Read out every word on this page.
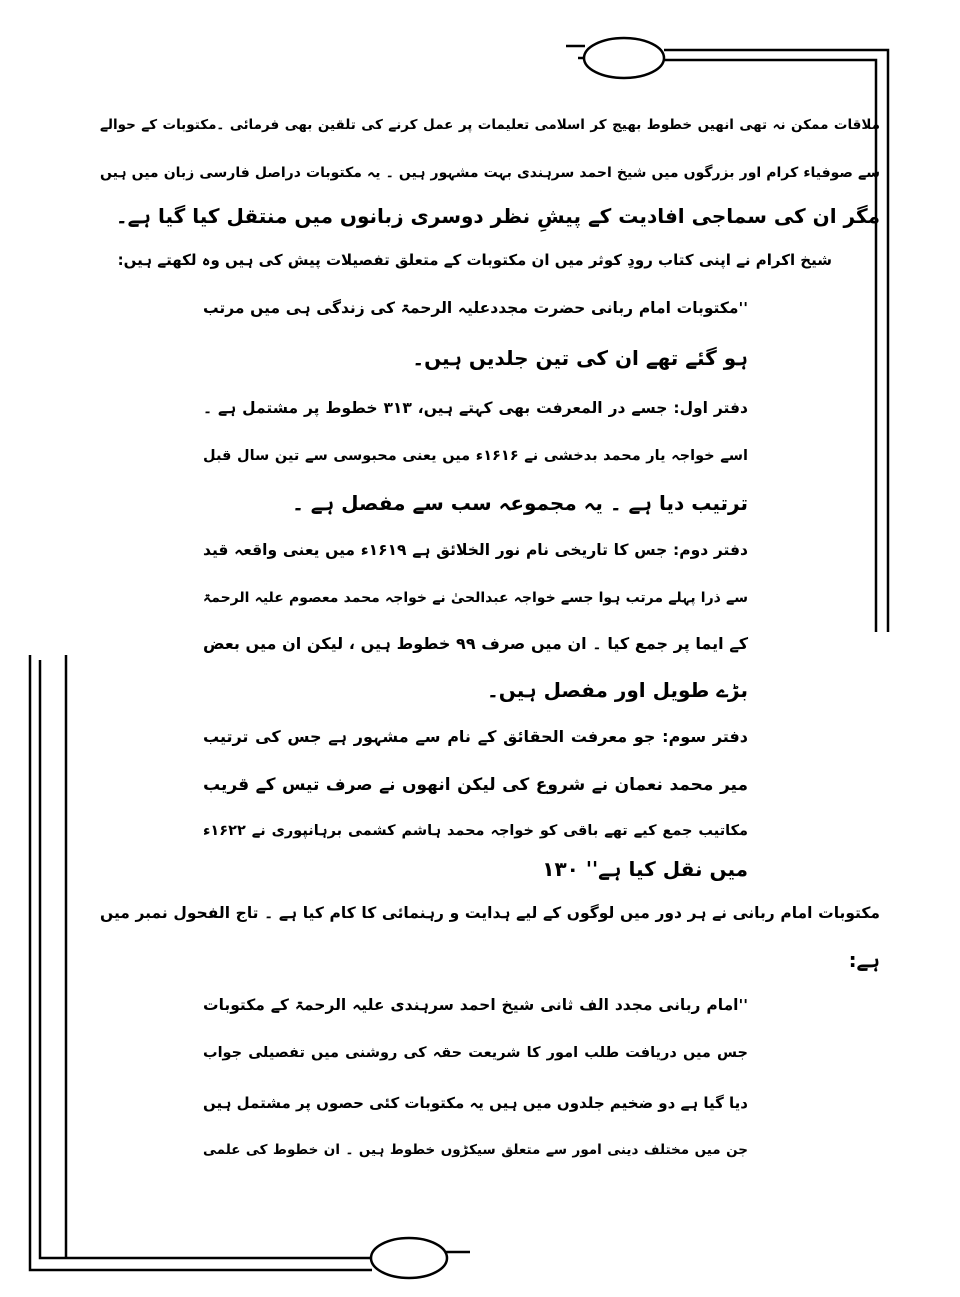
ملاقات ممکن نہ تھی انھیں خطوط بھیج کر اسلامی تعلیمات پر عمل کرنے کی تلقین بھی فرمائی ۔مکتوبات کے حوالے
سے صوفیاء کرام اور بزرگوں میں شیخ احمد سرہندی بہت مشہور ہیں ۔ یہ مکتوبات دراصل فارسی زبان میں ہیں
مگر ان کی سماجی افادیت کے پیشِ نظر دوسری زبانوں میں منتقل کیا گیا ہے۔
شیخ اکرام نے اپنی کتاب رودِ کوثر میں ان مکتوبات کے متعلق تفصیلات پیش کی ہیں وہ لکھتے ہیں:
''مکتوبات امام ربانی حضرت مجددعلیہ الرحمۃ کی زندگی ہی میں مرتب
ہو گئے تھے ان کی تین جلدیں ہیں۔
دفتر اول: جسے در المعرفت بھی کہتے ہیں، ۳۱۳ خطوط پر مشتمل ہے ۔
اسے خواجہ یار محمد بدخشی نے ۱۶۱۶ء میں یعنی محبوسی سے تین سال قبل
ترتیب دیا ہے ۔ یہ مجموعہ سب سے مفصل ہے ۔
دفتر دوم: جس کا تاریخی نام نور الخلائق ہے ۱۶۱۹ء میں یعنی واقعہ قید
سے ذرا پہلے مرتب ہوا جسے خواجہ عبدالحیٰ نے خواجہ محمد معصوم علیہ الرحمۃ
کے ایما پر جمع کیا ۔ ان میں صرف ۹۹ خطوط ہیں ، لیکن ان میں بعض
بڑے طویل اور مفصل ہیں۔
دفتر سوم: جو معرفت الحقائق کے نام سے مشہور ہے جس کی ترتیب
میر محمد نعمان نے شروع کی لیکن انھوں نے صرف تیس کے قریب
مکاتیب جمع کیے تھے باقی کو خواجہ محمد ہاشم کشمی برہانپوری نے ۱۶۲۲ء
میں نقل کیا ہے'' ۱۳۰
مکتوبات امام ربانی نے ہر دور میں لوگوں کے لیے ہدایت و رہنمائی کا کام کیا ہے ۔ تاج الفحول نمبر میں
ہے:
''امام ربانی مجدد الف ثانی شیخ احمد سرہندی علیہ الرحمۃ کے مکتوبات
جس میں دریافت طلب امور کا شریعت حقہ کی روشنی میں تفصیلی جواب
دیا گیا ہے دو ضخیم جلدوں میں ہیں یہ مکتوبات کئی حصوں پر مشتمل ہیں
جن میں مختلف دینی امور سے متعلق سیکڑوں خطوط ہیں ۔ ان خطوط کی علمی
